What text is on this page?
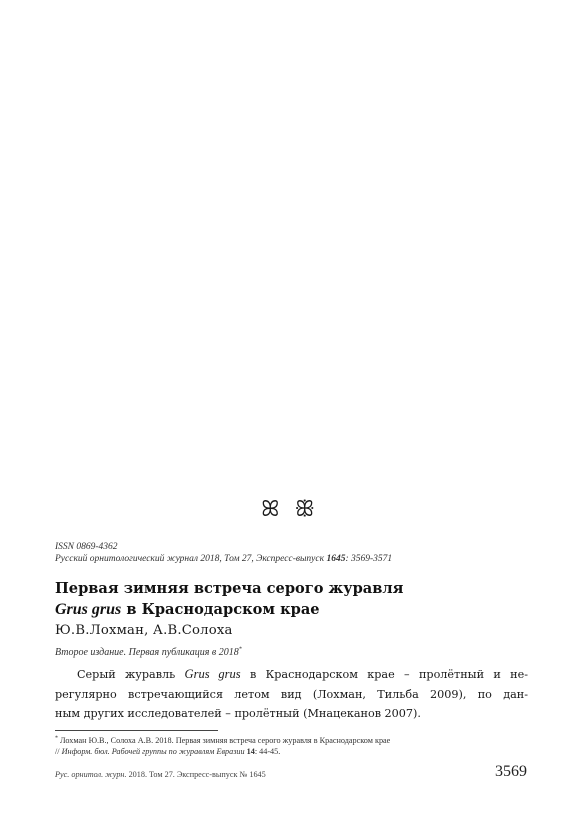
ꕤ ꕥ
ISSN 0869-4362
Русский орнитологический журнал 2018, Том 27, Экспресс-выпуск 1645: 3569-3571
Первая зимняя встреча серого журавля
Grus grus в Краснодарском крае
Ю.В.Лохман, А.В.Солоха
Второе издание. Первая публикация в 2018*

Серый журавль Grus grus в Краснодарском крае – пролётный и не-

регулярно встречающийся летом вид (Лохман, Тильба 2009), по дан-
ным других исследователей – пролётный (Мнацеканов 2007).
* Лохман Ю.В., Солоха А.В. 2018. Первая зимняя встреча серого журавля в Краснодарском крае
// Информ. бюл. Рабочей группы по журавлям Евразии 14: 44-45.
Рус. орнитол. журн. 2018. Том 27. Экспресс-выпуск № 1645	3569
